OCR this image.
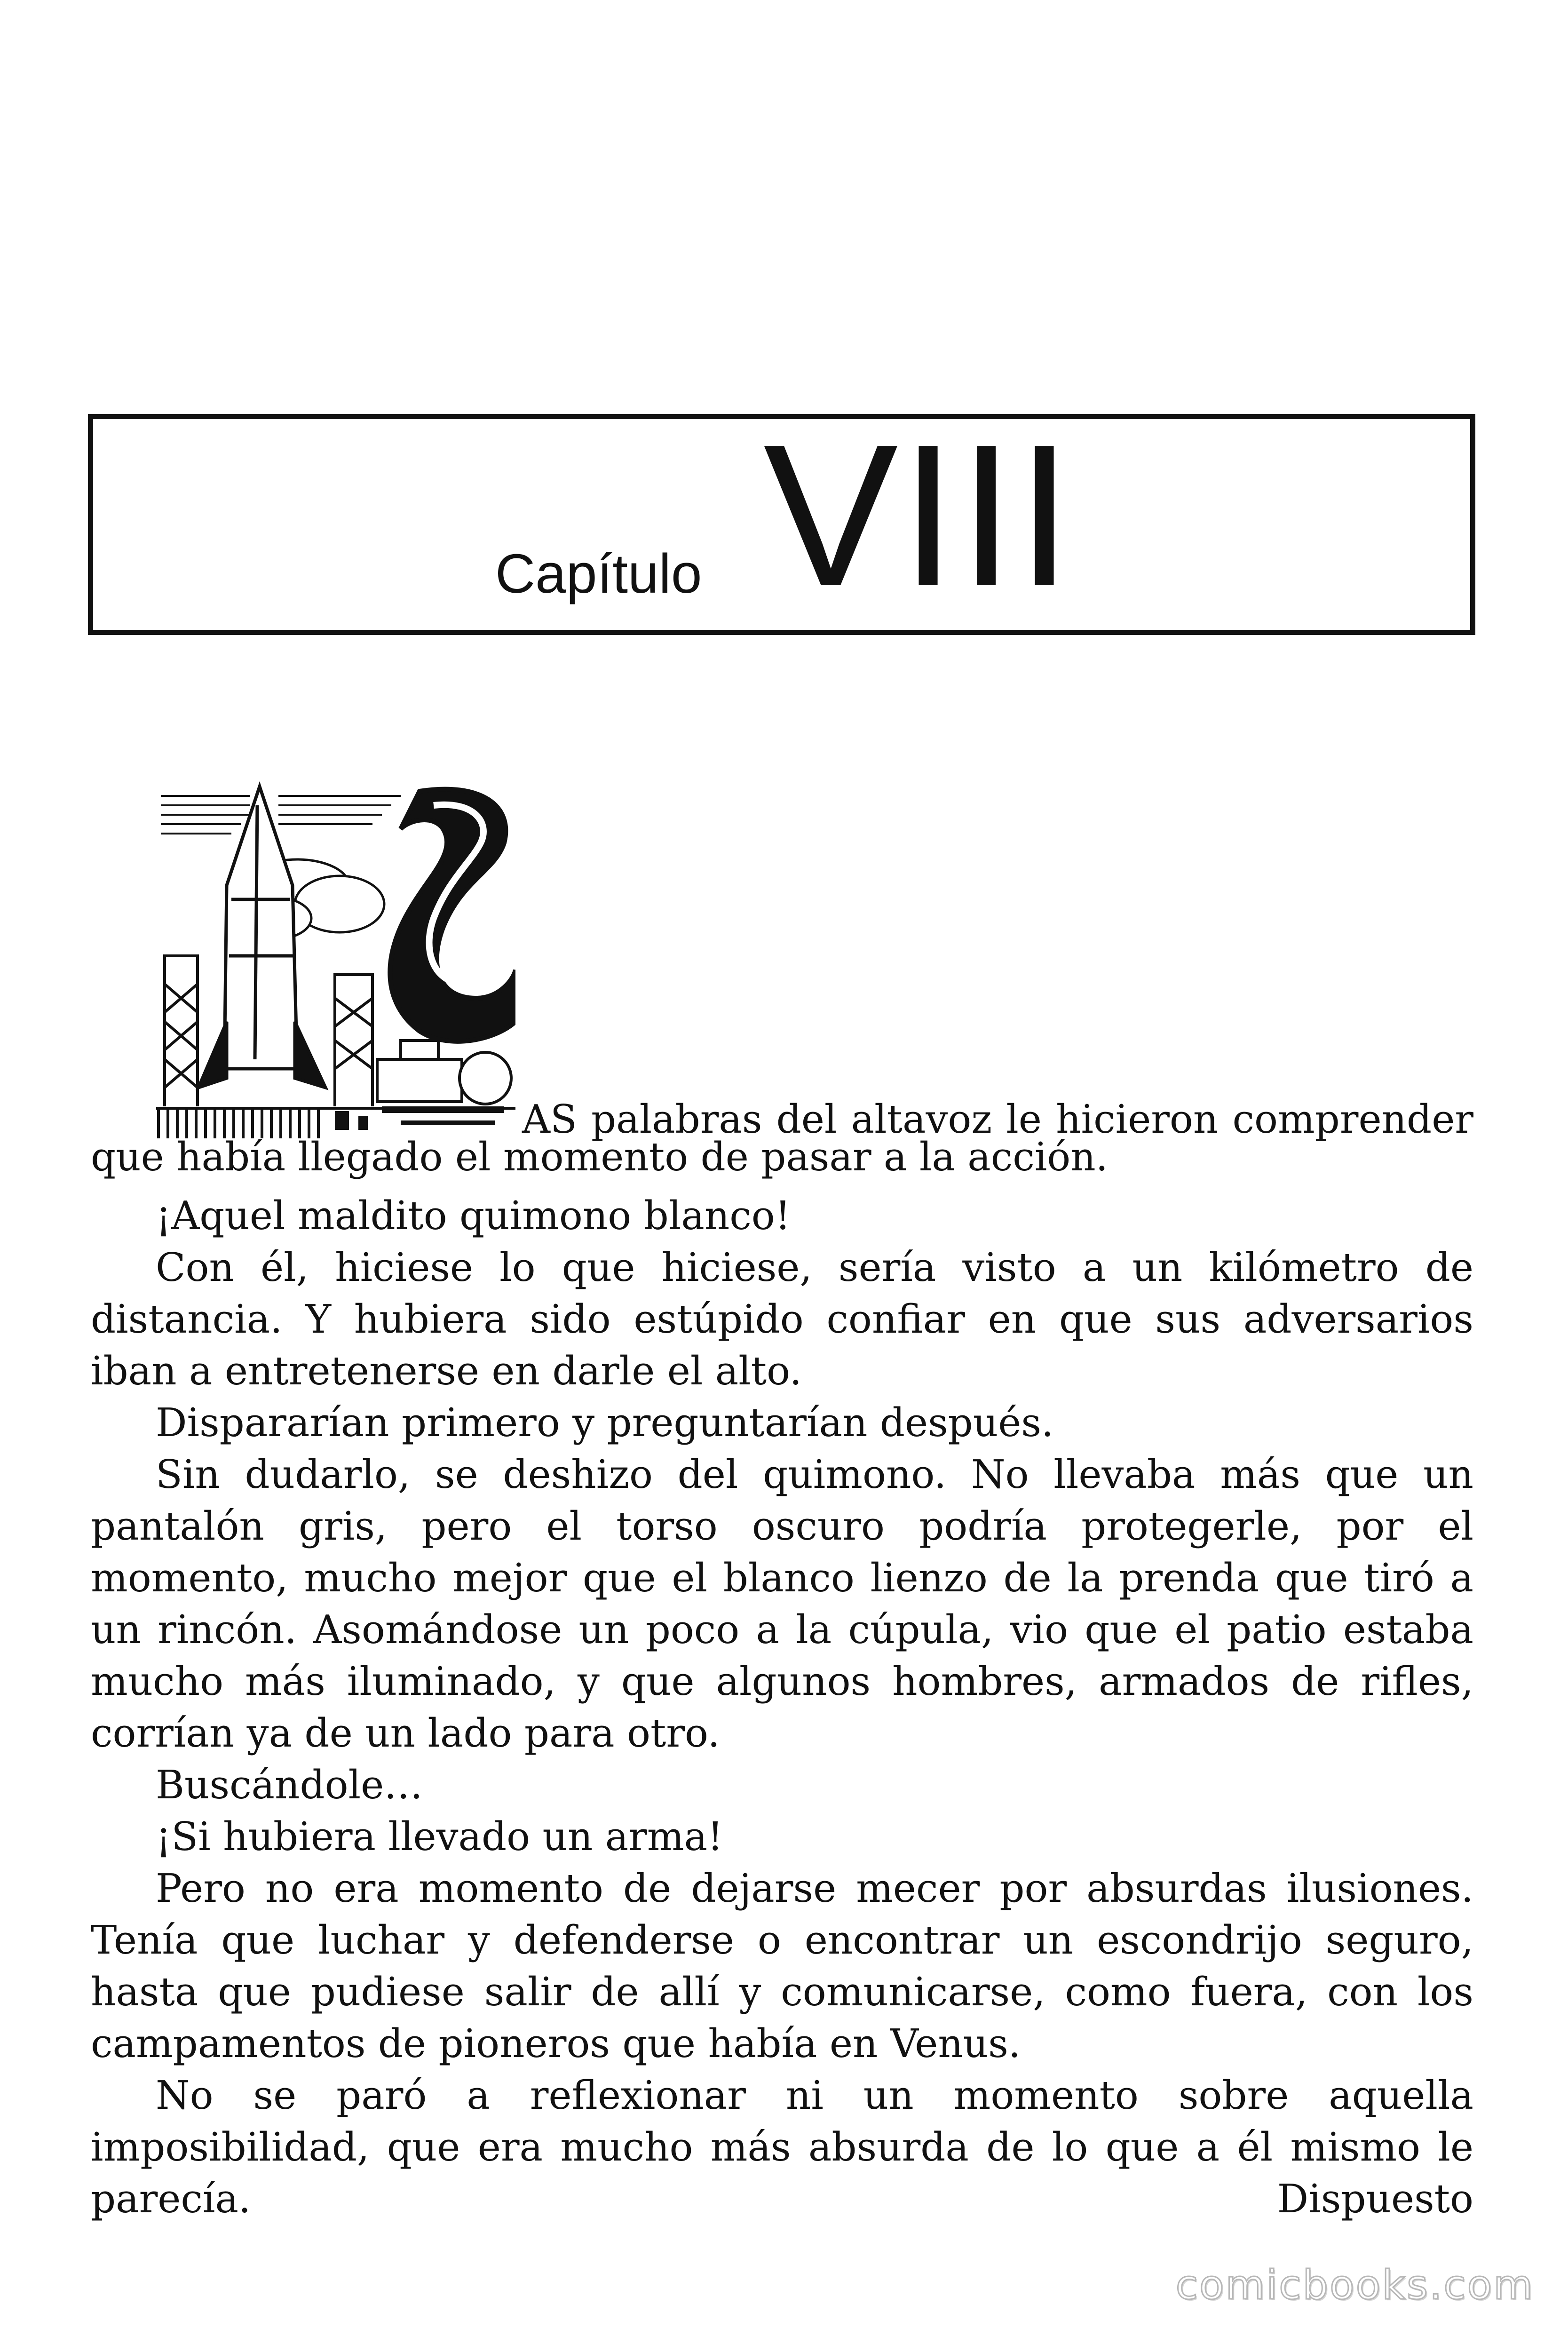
Capítulo VIII

AS palabras del altavoz le hicieron comprender
que había llegado el momento de pasar a la acción.

¡Aquel maldito quimono blanco!

Con él, hiciese lo que hiciese, sería visto a un kilómetro de distancia. Y hubiera sido estúpido confiar en que sus adversarios iban a entretenerse en darle el alto.

Dispararían primero y preguntarían después.

Sin dudarlo, se deshizo del quimono. No llevaba más que un pantalón gris, pero el torso oscuro podría protegerle, por el momento, mucho mejor que el blanco lienzo de la prenda que tiró a un rincón. Asomándose un poco a la cúpula, vio que el patio estaba mucho más iluminado, y que algunos hombres, armados de rifles, corrían ya de un lado para otro.

Buscándole…

¡Si hubiera llevado un arma!

Pero no era momento de dejarse mecer por absurdas ilusiones. Tenía que luchar y defenderse o encontrar un escondrijo seguro, hasta que pudiese salir de allí y comunicarse, como fuera, con los campamentos de pioneros que había en Venus.

No se paró a reflexionar ni un momento sobre aquella imposibilidad, que era mucho más absurda de lo que a él mismo le parecía. Dispuesto

comicbooks.com
